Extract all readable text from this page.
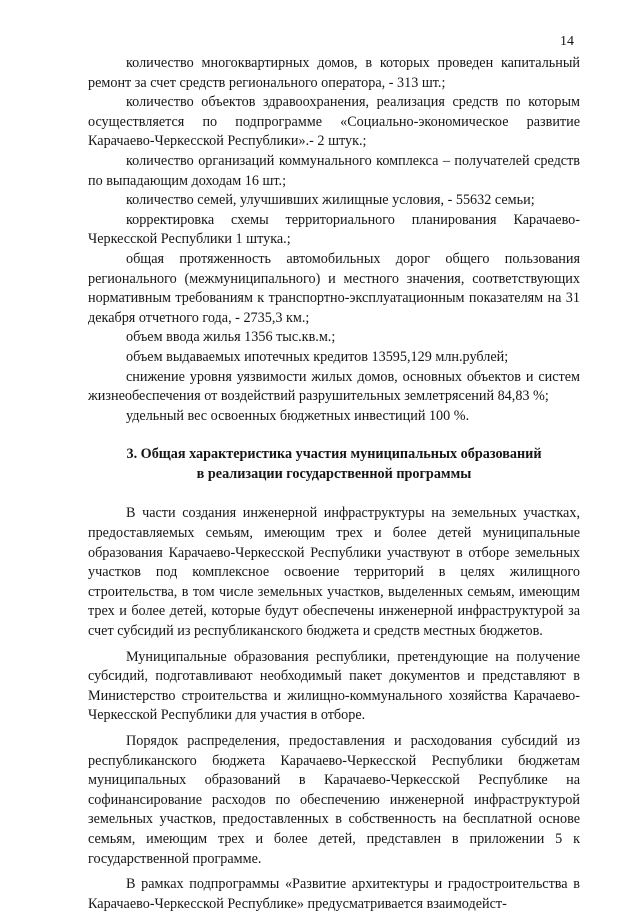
14

количество многоквартирных домов, в которых проведен капитальный ремонт за счет средств регионального оператора, - 313 шт.;

количество объектов здравоохранения, реализация средств по которым осуществляется по подпрограмме «Социально-экономическое развитие Карачаево-Черкесской Республики».- 2 штук.;

количество организаций коммунального комплекса – получателей средств по выпадающим доходам 16 шт.;

количество семей, улучшивших жилищные условия, - 55632 семьи;

корректировка схемы территориального планирования Карачаево-Черкесской Республики 1 штука.;

общая протяженность автомобильных дорог общего пользования регионального (межмуниципального) и местного значения, соответствующих нормативным требованиям к транспортно-эксплуатационным показателям на 31 декабря отчетного года, - 2735,3 км.;

объем ввода жилья 1356 тыс.кв.м.;

объем выдаваемых ипотечных кредитов 13595,129 млн.рублей;

снижение уровня уязвимости жилых домов, основных объектов и систем жизнеобеспечения от воздействий разрушительных землетрясений 84,83 %;

удельный вес освоенных бюджетных инвестиций 100 %.

3. Общая характеристика участия муниципальных образований
в реализации государственной программы

В части создания инженерной инфраструктуры на земельных участках, предоставляемых семьям, имеющим трех и более детей муниципальные образования Карачаево-Черкесской Республики участвуют в отборе земельных участков под комплексное освоение территорий в целях жилищного строительства, в том числе земельных участков, выделенных семьям, имеющим трех и более детей, которые будут обеспечены инженерной инфраструктурой за счет субсидий из республиканского бюджета и средств местных бюджетов.

Муниципальные образования республики, претендующие на получение субсидий, подготавливают необходимый пакет документов и представляют в Министерство строительства и жилищно-коммунального хозяйства Карачаево-Черкесской Республики для участия в отборе.

Порядок распределения, предоставления и расходования субсидий из республиканского бюджета Карачаево-Черкесской Республики бюджетам муниципальных образований в Карачаево-Черкесской Республике на софинансирование расходов по обеспечению инженерной инфраструктурой земельных участков, предоставленных в собственность на бесплатной основе семьям, имеющим трех и более детей, представлен в приложении 5 к государственной программе.

В рамках подпрограммы «Развитие архитектуры и градостроительства в Карачаево-Черкесской Республике» предусматривается взаимодейст-
